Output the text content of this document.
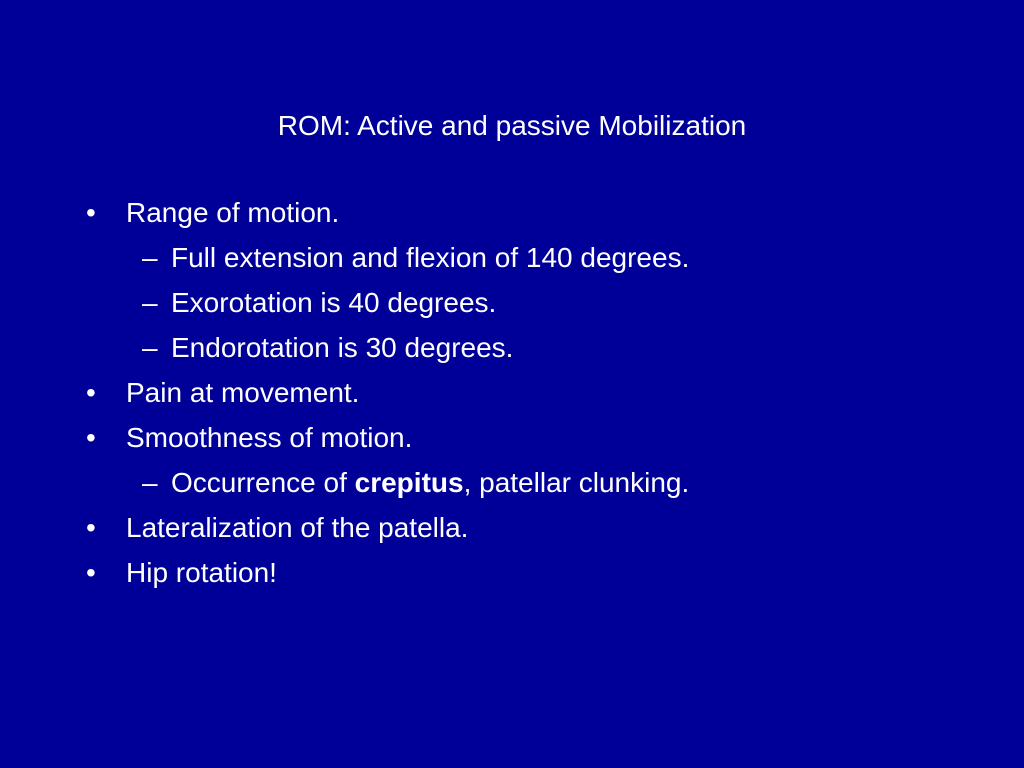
ROM: Active and passive Mobilization
• Range of motion.
– Full extension and flexion of 140 degrees.
– Exorotation is 40 degrees.
– Endorotation is 30 degrees.
• Pain at movement.
• Smoothness of motion.
– Occurrence of crepitus, patellar clunking.
• Lateralization of the patella.
• Hip rotation!
